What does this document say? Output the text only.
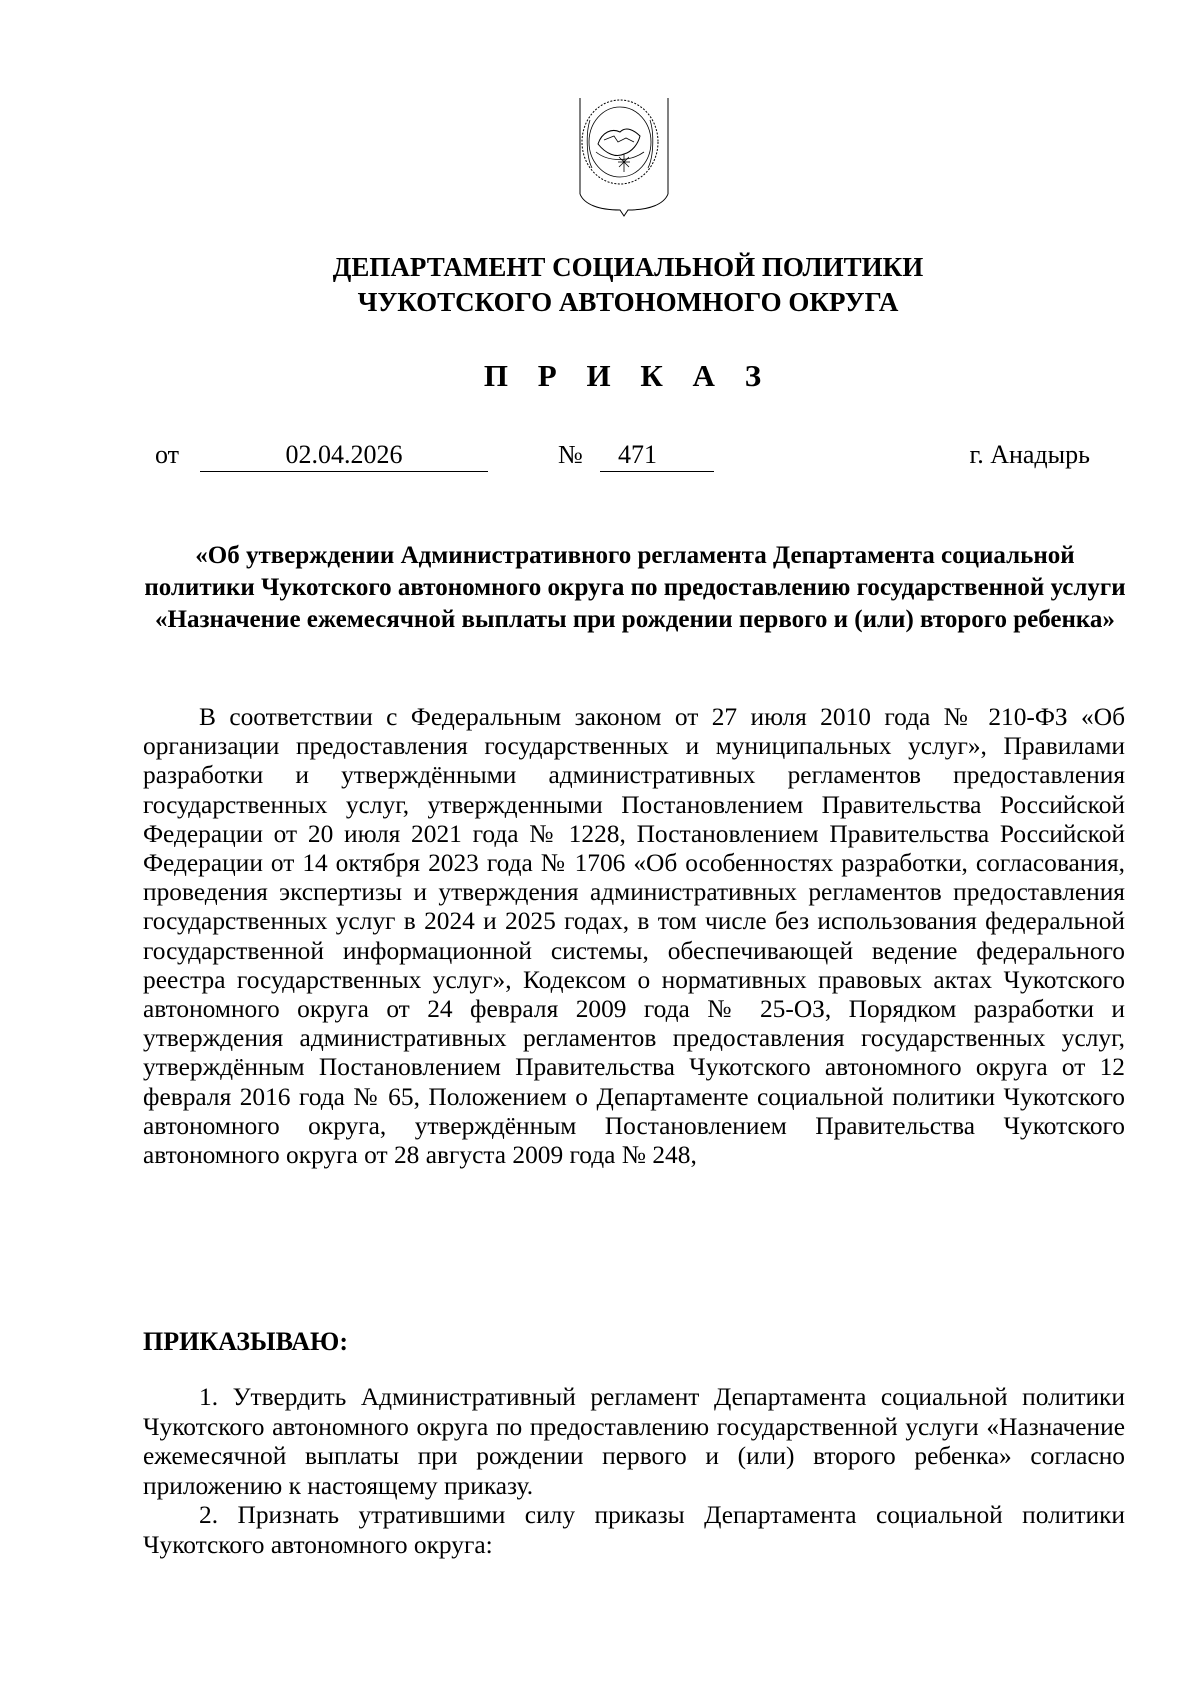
ДЕПАРТАМЕНТ СОЦИАЛЬНОЙ ПОЛИТИКИ
ЧУКОТСКОГО АВТОНОМНОГО ОКРУГА
П Р И К А З
от	02.04.2026	№	471	г. Анадырь
«Об утверждении Административного регламента Департамента социальной политики Чукотского автономного округа по предоставлению государственной услуги «Назначение ежемесячной выплаты при рождении первого и (или) второго ребенка»

В соответствии с Федеральным законом от 27 июля 2010 года № 210-ФЗ «Об организации предоставления государственных и муниципальных услуг», Правилами разработки и утверждёнными административных регламентов предоставления государственных услуг, утвержденными Постановлением Правительства Российской Федерации от 20 июля 2021 года № 1228, Постановлением Правительства Российской Федерации от 14 октября 2023 года № 1706 «Об особенностях разработки, согласования, проведения экспертизы и утверждения административных регламентов предоставления государственных услуг в 2024 и 2025 годах, в том числе без использования федеральной государственной информационной системы, обеспечивающей ведение федерального реестра государственных услуг», Кодексом о нормативных правовых актах Чукотского автономного округа от 24 февраля 2009 года № 25-ОЗ, Порядком разработки и утверждения административных регламентов предоставления государственных услуг, утверждённым Постановлением Правительства Чукотского автономного округа от 12 февраля 2016 года № 65, Положением о Департаменте социальной политики Чукотского автономного округа, утверждённым Постановлением Правительства Чукотского автономного округа от 28 августа 2009 года № 248,

ПРИКАЗЫВАЮ:

1. Утвердить Административный регламент Департамента социальной политики Чукотского автономного округа по предоставлению государственной услуги «Назначение ежемесячной выплаты при рождении первого и (или) второго ребенка» согласно приложению к настоящему приказу.

2. Признать утратившими силу приказы Департамента социальной политики Чукотского автономного округа:
